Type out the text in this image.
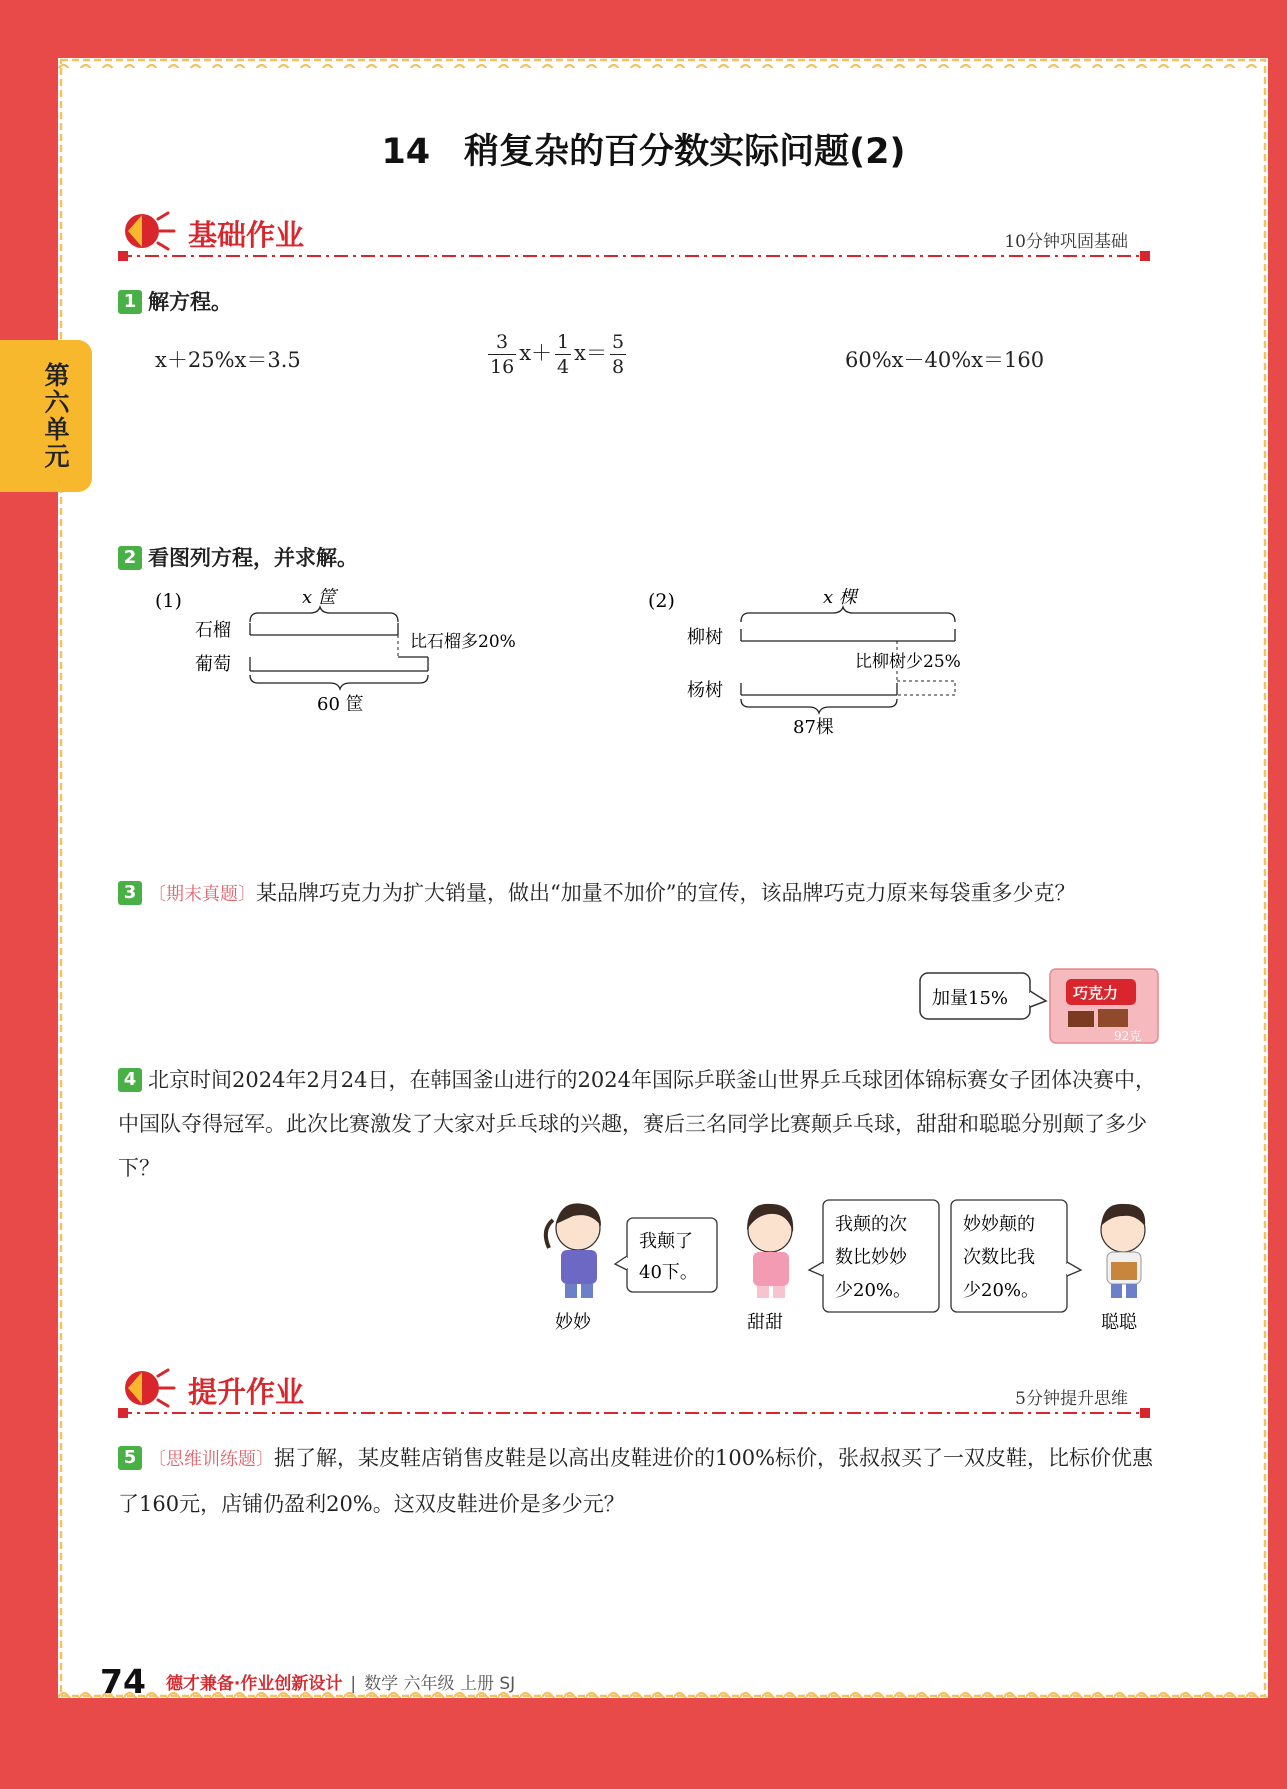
第六单元
14 稍复杂的百分数实际问题(2)
基础作业	10分钟巩固基础
1 解方程。
x＋25%x＝3.5	$\frac{3}{16} x+ \frac{1}{4} x= \frac{5}{8}$	60%x－40%x＝160
2 看图列方程，并求解。
(1)	x 筐
石榴
比石榴多20%
葡萄
60 筐
(2)	x 棵
柳树
比柳树少25%
杨树
87棵
3 〔期末真题〕某品牌巧克力为扩大销量，做出“加量不加价”的宣传，该品牌巧克力原来每袋重多少克？
加量15%	巧克力
92克
4 北京时间2024年2月24日，在韩国釜山进行的2024年国际乒联釜山世界乒乓球团体锦标赛女子团体决赛中，中国队夺得冠军。此次比赛激发了大家对乒乓球的兴趣，赛后三名同学比赛颠乒乓球，甜甜和聪聪分别颠了多少下？
我颠了
40下。
妙妙	甜甜
我颠的次
数比妙妙
少20%。
妙妙颠的
次数比我
少20%。
聪聪
提升作业	5分钟提升思维
5 〔思维训练题〕据了解，某皮鞋店销售皮鞋是以高出皮鞋进价的100%标价，张叔叔买了一双皮鞋，比标价优惠了160元，店铺仍盈利20%。这双皮鞋进价是多少元？
74 德才兼备·作业创新设计 | 数学 六年级 上册 SJ
